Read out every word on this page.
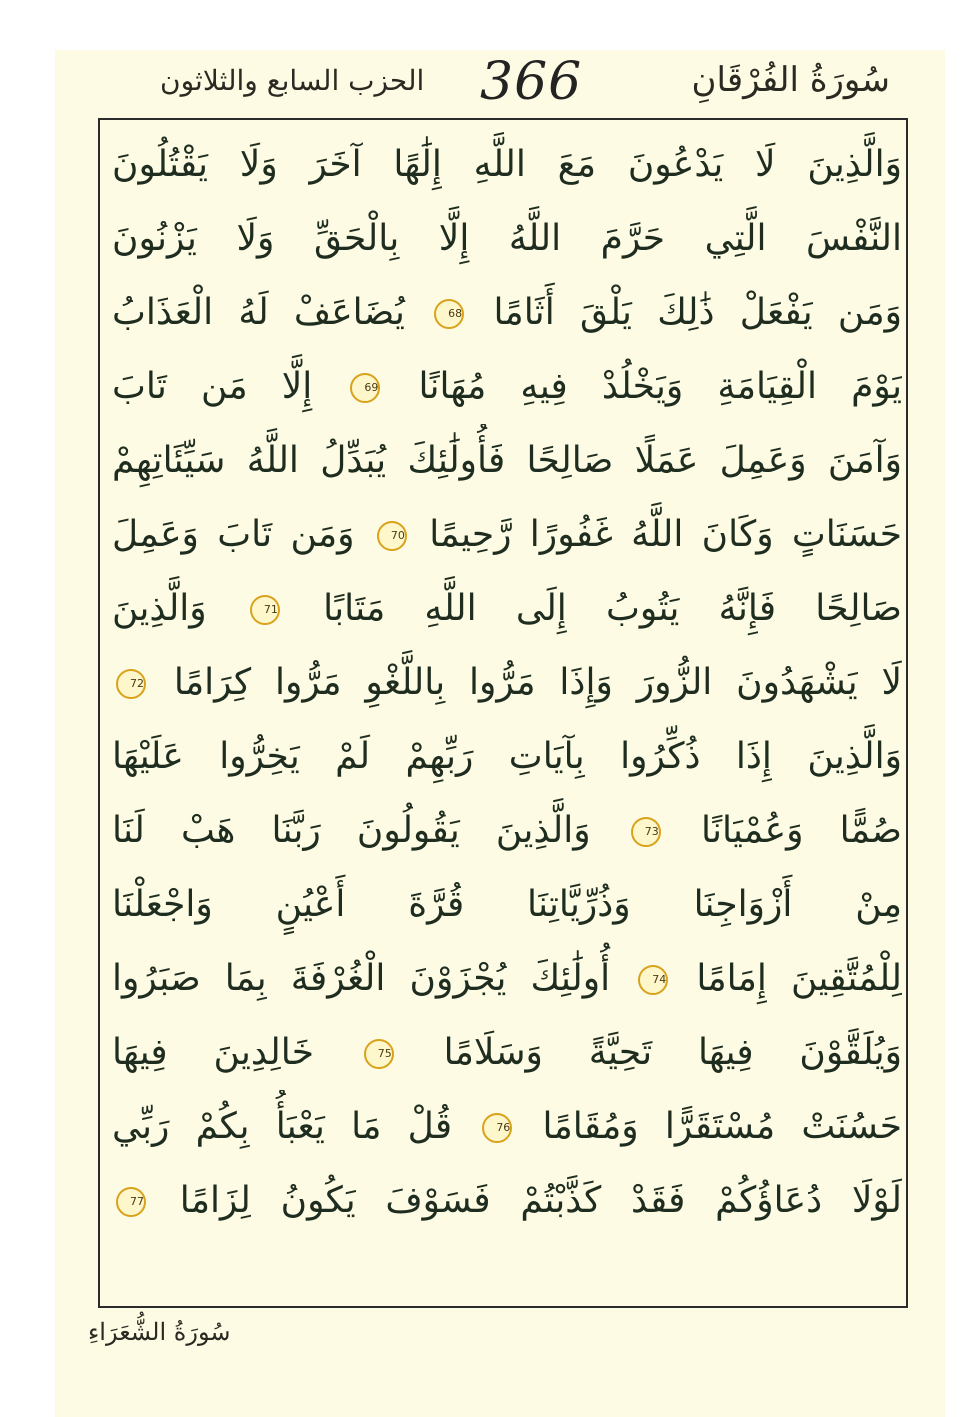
سُورَةُ الفُرْقَانِ
366
الحزب السابع والثلاثون
وَالَّذِينَ لَا يَدْعُونَ مَعَ اللَّهِ إِلَٰهًا آخَرَ وَلَا يَقْتُلُونَ
النَّفْسَ الَّتِي حَرَّمَ اللَّهُ إِلَّا بِالْحَقِّ وَلَا يَزْنُونَ
وَمَن يَفْعَلْ ذَٰلِكَ يَلْقَ أَثَامًا 68 يُضَاعَفْ لَهُ الْعَذَابُ
يَوْمَ الْقِيَامَةِ وَيَخْلُدْ فِيهِ مُهَانًا 69 إِلَّا مَن تَابَ
وَآمَنَ وَعَمِلَ عَمَلًا صَالِحًا فَأُولَٰئِكَ يُبَدِّلُ اللَّهُ سَيِّئَاتِهِمْ
حَسَنَاتٍ وَكَانَ اللَّهُ غَفُورًا رَّحِيمًا 70 وَمَن تَابَ وَعَمِلَ
صَالِحًا فَإِنَّهُ يَتُوبُ إِلَى اللَّهِ مَتَابًا 71 وَالَّذِينَ
لَا يَشْهَدُونَ الزُّورَ وَإِذَا مَرُّوا بِاللَّغْوِ مَرُّوا كِرَامًا 72
وَالَّذِينَ إِذَا ذُكِّرُوا بِآيَاتِ رَبِّهِمْ لَمْ يَخِرُّوا عَلَيْهَا
صُمًّا وَعُمْيَانًا 73 وَالَّذِينَ يَقُولُونَ رَبَّنَا هَبْ لَنَا
مِنْ أَزْوَاجِنَا وَذُرِّيَّاتِنَا قُرَّةَ أَعْيُنٍ وَاجْعَلْنَا
لِلْمُتَّقِينَ إِمَامًا 74 أُولَٰئِكَ يُجْزَوْنَ الْغُرْفَةَ بِمَا صَبَرُوا
وَيُلَقَّوْنَ فِيهَا تَحِيَّةً وَسَلَامًا 75 خَالِدِينَ فِيهَا
حَسُنَتْ مُسْتَقَرًّا وَمُقَامًا 76 قُلْ مَا يَعْبَأُ بِكُمْ رَبِّي
لَوْلَا دُعَاؤُكُمْ فَقَدْ كَذَّبْتُمْ فَسَوْفَ يَكُونُ لِزَامًا 77
سُورَةُ الشُّعَرَاءِ
